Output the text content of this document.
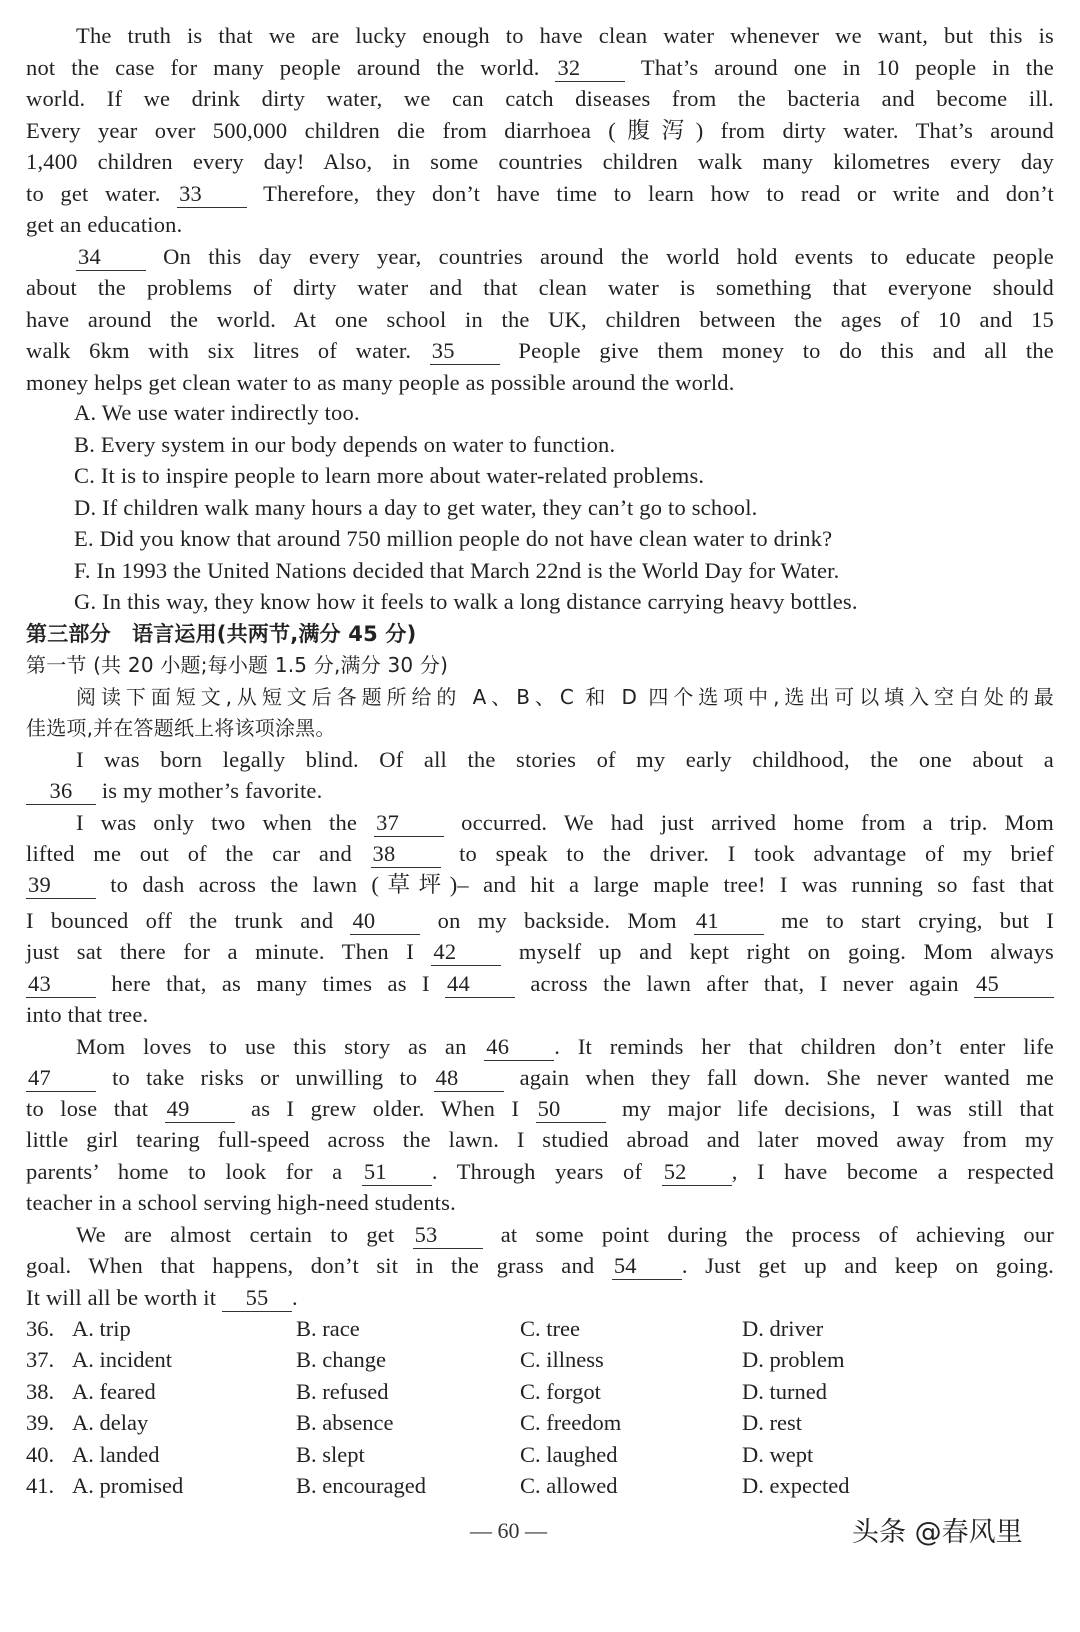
The truth is that we are lucky enough to have clean water whenever we want, but this is
not the case for many people around the world. 32 That’s around one in 10 people in the
world. If we drink dirty water, we can catch diseases from the bacteria and become ill.
Every year over 500,000 children die from diarrhoea (腹泻) from dirty water. That’s around
1,400 children every day! Also, in some countries children walk many kilometres every day
to get water. 33 Therefore, they don’t have time to learn how to read or write and don’t
get an education.
34 On this day every year, countries around the world hold events to educate people
about the problems of dirty water and that clean water is something that everyone should
have around the world. At one school in the UK, children between the ages of 10 and 15
walk 6km with six litres of water. 35 People give them money to do this and all the
money helps get clean water to as many people as possible around the world.
A. We use water indirectly too.
B. Every system in our body depends on water to function.
C. It is to inspire people to learn more about water-related problems.
D. If children walk many hours a day to get water, they can’t go to school.
E. Did you know that around 750 million people do not have clean water to drink?
F. In 1993 the United Nations decided that March 22nd is the World Day for Water.
G. In this way, they know how it feels to walk a long distance carrying heavy bottles.
第三部分　语言运用(共两节,满分 45 分)
第一节 (共 20 小题;每小题 1.5 分,满分 30 分)
阅读下面短文,从短文后各题所给的 A、B、C 和 D 四个选项中,选出可以填入空白处的最
佳选项,并在答题纸上将该项涂黑。
I was born legally blind. Of all the stories of my early childhood, the one about a
36 is my mother’s favorite.
I was only two when the 37 occurred. We had just arrived home from a trip. Mom
lifted me out of the car and 38 to speak to the driver. I took advantage of my brief
39 to dash across the lawn (草坪)– and hit a large maple tree! I was running so fast that
I bounced off the trunk and 40 on my backside. Mom 41 me to start crying, but I
just sat there for a minute. Then I 42 myself up and kept right on going. Mom always
43 here that, as many times as I 44 across the lawn after that, I never again 45
into that tree.
Mom loves to use this story as an 46 . It reminds her that children don’t enter life
47 to take risks or unwilling to 48 again when they fall down. She never wanted me
to lose that 49 as I grew older. When I 50 my major life decisions, I was still that
little girl tearing full-speed across the lawn. I studied abroad and later moved away from my
parents’ home to look for a 51 . Through years of 52 , I have become a respected
teacher in a school serving high-need students.
We are almost certain to get 53 at some point during the process of achieving our
goal. When that happens, don’t sit in the grass and 54 . Just get up and keep on going.
It will all be worth it 55 .
36. A. trip	B. race	C. tree	D. driver
37. A. incident	B. change	C. illness	D. problem
38. A. feared	B. refused	C. forgot	D. turned
39. A. delay	B. absence	C. freedom	D. rest
40. A. landed	B. slept	C. laughed	D. wept
41. A. promised	B. encouraged	C. allowed	D. expected
— 60 —	头条 @春风里
